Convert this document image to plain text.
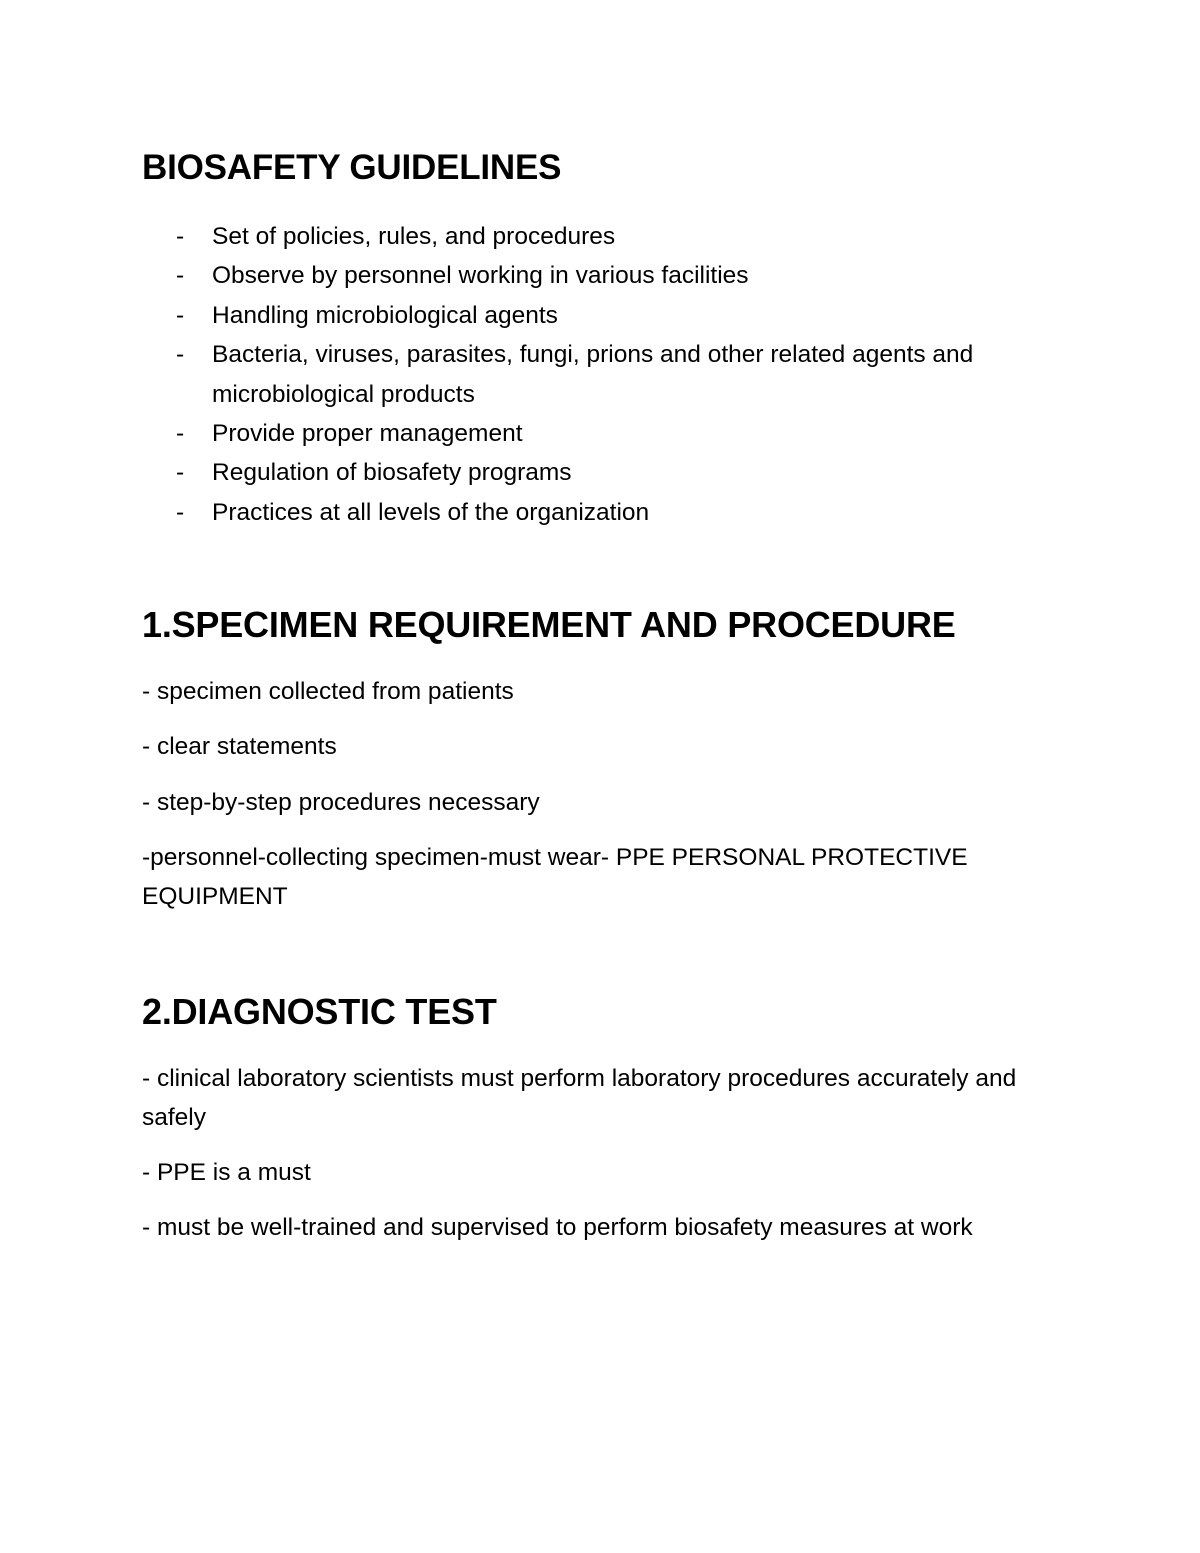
BIOSAFETY GUIDELINES
- Set of policies, rules, and procedures
- Observe by personnel working in various facilities
- Handling microbiological agents
- Bacteria, viruses, parasites, fungi, prions and other related agents and microbiological products
- Provide proper management
- Regulation of biosafety programs
- Practices at all levels of the organization
1.SPECIMEN REQUIREMENT AND PROCEDURE

- specimen collected from patients

- clear statements

- step-by-step procedures necessary

-personnel-collecting specimen-must wear- PPE PERSONAL PROTECTIVE EQUIPMENT

2.DIAGNOSTIC TEST

- clinical laboratory scientists must perform laboratory procedures accurately and safely

- PPE is a must

- must be well-trained and supervised to perform biosafety measures at work
